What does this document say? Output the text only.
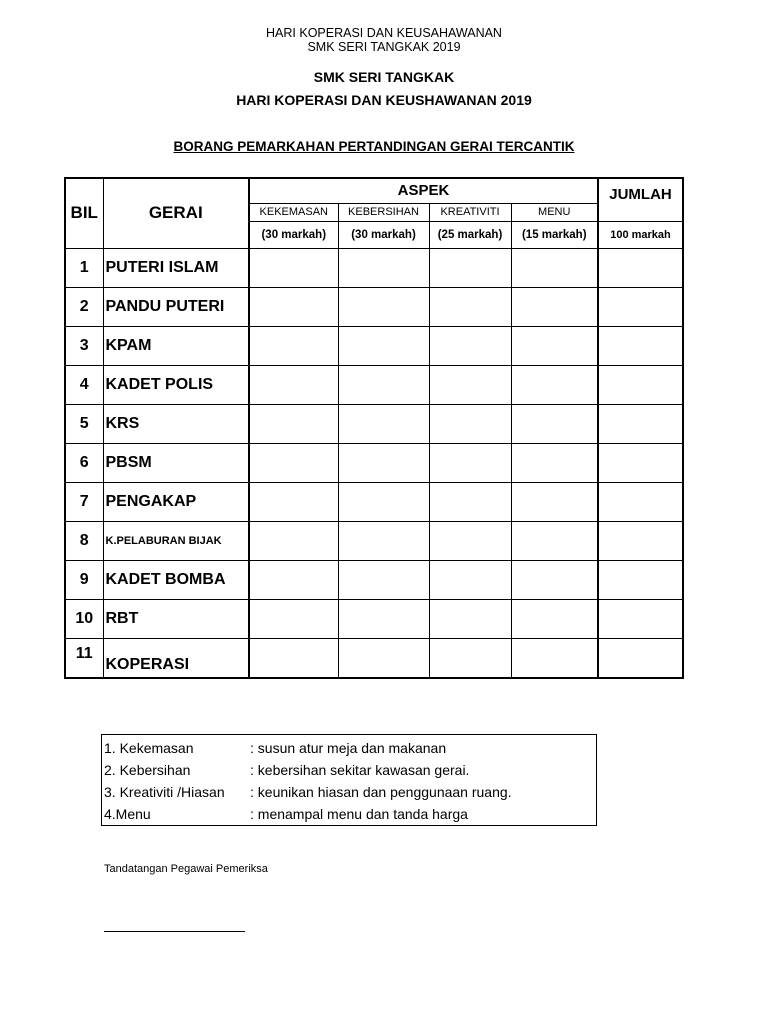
HARI KOPERASI DAN KEUSAHAWANAN
SMK SERI TANGKAK 2019
SMK SERI TANGKAK
HARI KOPERASI DAN KEUSHAWANAN 2019
BORANG PEMARKAHAN PERTANDINGAN GERAI TERCANTIK
BIL	GERAI	ASPEK				JUMLAH
		KEKEMASAN	KEBERSIHAN	KREATIVITI	MENU	
		(30 markah)	(30 markah)	(25 markah)	(15 markah)	100 markah
1	PUTERI ISLAM					
2	PANDU PUTERI					
3	KPAM					
4	KADET POLIS					
5	KRS					
6	PBSM					
7	PENGAKAP					
8	K.PELABURAN BIJAK					
9	KADET BOMBA					
10	RBT					
11	KOPERASI					
1. Kekemasan	: susun atur meja dan makanan
2. Kebersihan	: kebersihan sekitar kawasan gerai.
3. Kreativiti /Hiasan	: keunikan hiasan dan penggunaan ruang.
4.Menu	: menampal menu dan tanda harga
Tandatangan Pegawai Pemeriksa
